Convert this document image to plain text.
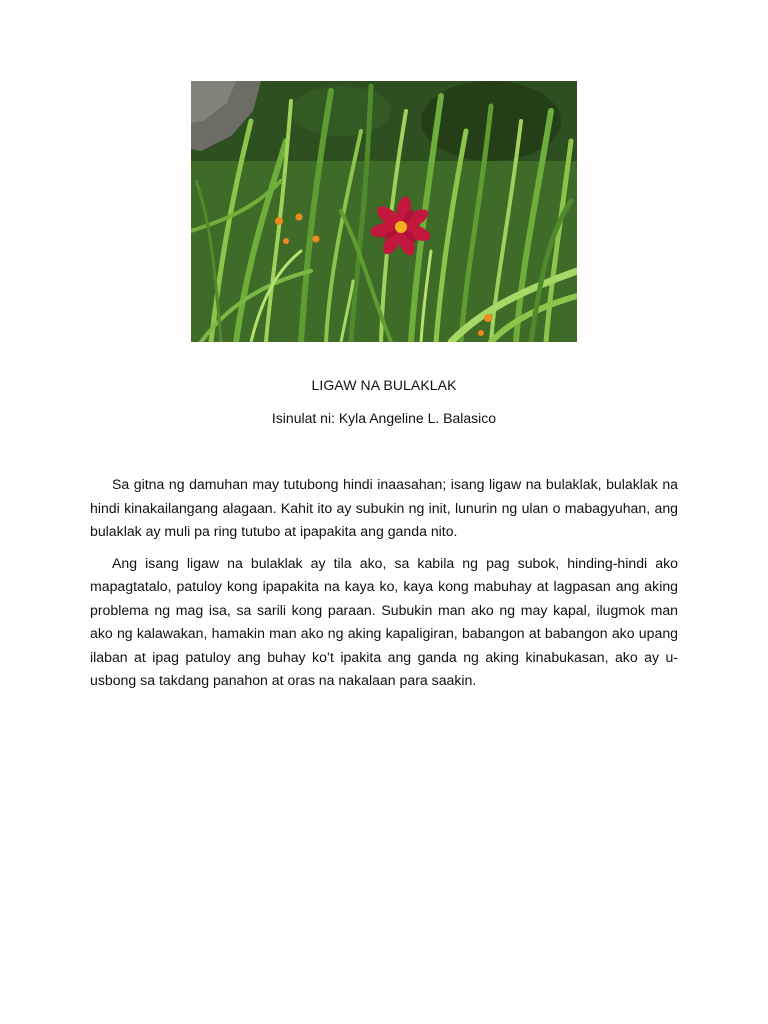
LIGAW NA BULAKLAK
Isinulat ni: Kyla Angeline L. Balasico

Sa gitna ng damuhan may tutubong hindi inaasahan; isang ligaw na bulaklak, bulaklak na hindi kinakailangang alagaan. Kahit ito ay subukin ng init, lunurin ng ulan o mabagyuhan, ang bulaklak ay muli pa ring tutubo at ipapakita ang ganda nito.

Ang isang ligaw na bulaklak ay tila ako, sa kabila ng pag subok, hinding-hindi ako mapagtatalo, patuloy kong ipapakita na kaya ko, kaya kong mabuhay at lagpasan ang aking problema ng mag isa, sa sarili kong paraan. Subukin man ako ng may kapal, ilugmok man ako ng kalawakan, hamakin man ako ng aking kapaligiran, babangon at babangon ako upang ilaban at ipag patuloy ang buhay ko’t ipakita ang ganda ng aking kinabukasan, ako ay u-usbong sa takdang panahon at oras na nakalaan para saakin.
